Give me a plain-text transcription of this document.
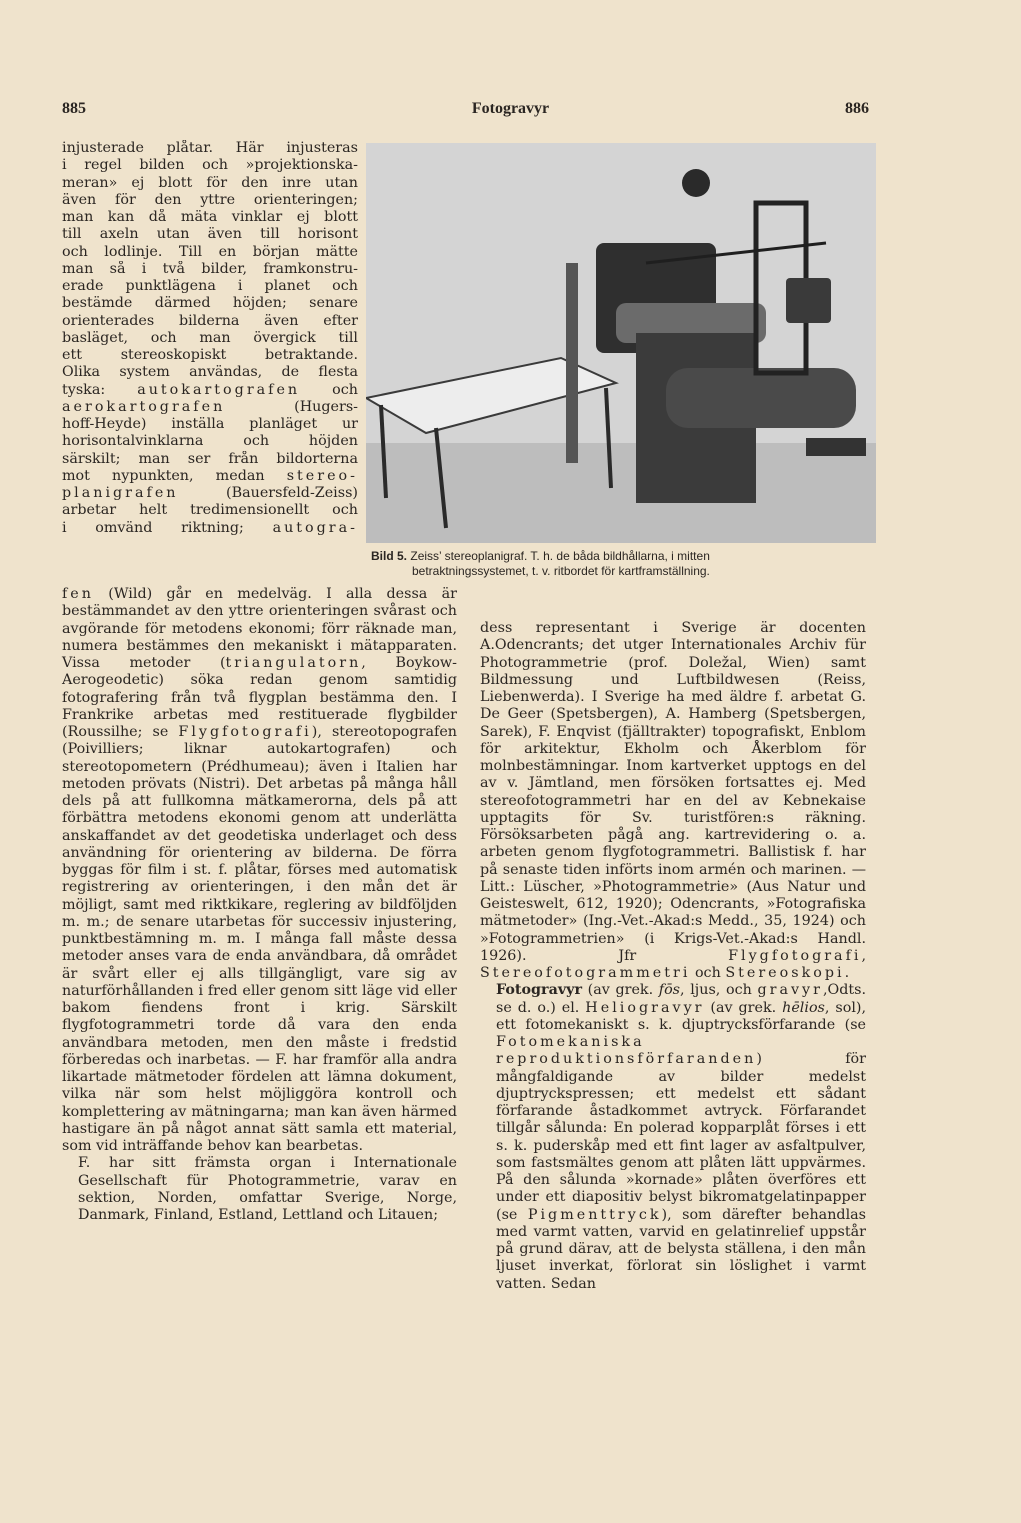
885	Fotogravyr	886
injusterade plåtar. Här injusteras
i regel bilden och »projektionska-
meran» ej blott för den inre utan
även för den yttre orienteringen;
man kan då mäta vinklar ej blott
till axeln utan även till horisont
och lodlinje. Till en början mätte
man så i två bilder, framkonstru-
erade punktlägena i planet och
bestämde därmed höjden; senare
orienterades bilderna även efter
basläget, och man övergick till
ett stereoskopiskt betraktande.
Olika system användas, de flesta
tyska: autokartografen och
aerokartografen (Hugers-
hoff-Heyde) inställa planläget ur
horisontalvinklarna och höjden
särskilt; man ser från bildorterna
mot nypunkten, medan stereo-
planigrafen (Bauersfeld-Zeiss)
arbetar helt tredimensionellt och
i omvänd riktning; autogra-
Bild 5. Zeiss’ stereoplanigraf. T. h. de båda bildhållarna, i mitten
betraktningssystemet, t. v. ritbordet för kartframställning.

fen (Wild) går en medelväg. I alla dessa är bestämmandet av den yttre orienteringen svårast och avgörande för metodens ekonomi; förr räknade man, numera bestämmes den mekaniskt i mätapparaten. Vissa metoder (triangulatorn, Boykow-Aerogeodetic) söka redan genom samtidig fotografering från två flygplan bestämma den. I Frankrike arbetas med restituerade flygbilder (Roussilhe; se Flygfotografi), stereotopografen (Poivilliers; liknar autokartografen) och stereotopometern (Prédhumeau); även i Italien har metoden prövats (Nistri). Det arbetas på många håll dels på att fullkomna mätkamerorna, dels på att förbättra metodens ekonomi genom att underlätta anskaffandet av det geodetiska underlaget och dess användning för orientering av bilderna. De förra byggas för film i st. f. plåtar, förses med automatisk registrering av orienteringen, i den mån det är möjligt, samt med riktkikare, reglering av bildföljden m. m.; de senare utarbetas för successiv injustering, punktbestämning m. m. I många fall måste dessa metoder anses vara de enda användbara, då området är svårt eller ej alls tillgängligt, vare sig av naturförhållanden i fred eller genom sitt läge vid eller bakom fiendens front i krig. Särskilt flygfotogrammetri torde då vara den enda användbara metoden, men den måste i fredstid förberedas och inarbetas. — F. har framför alla andra likartade mätmetoder fördelen att lämna dokument, vilka när som helst möjliggöra kontroll och komplettering av mätningarna; man kan även härmed hastigare än på något annat sätt samla ett material, som vid inträffande behov kan bearbetas.

F. har sitt främsta organ i Internationale Gesellschaft für Photogrammetrie, varav en sektion, Norden, omfattar Sverige, Norge, Danmark, Finland, Estland, Lettland och Litauen;

dess representant i Sverige är docenten A.Odencrants; det utger Internationales Archiv für Photogrammetrie (prof. Doležal, Wien) samt Bildmessung und Luftbildwesen (Reiss, Liebenwerda). I Sverige ha med äldre f. arbetat G. De Geer (Spetsbergen), A. Hamberg (Spetsbergen, Sarek), F. Enqvist (fjälltrakter) topografiskt, Enblom för arkitektur, Ekholm och Åkerblom för molnbestämningar. Inom kartverket upptogs en del av v. Jämtland, men försöken fortsattes ej. Med stereofotogrammetri har en del av Kebnekaise upptagits för Sv. turistfören:s räkning. Försöksarbeten pågå ang. kartrevidering o. a. arbeten genom flygfotogrammetri. Ballistisk f. har på senaste tiden införts inom armén och marinen. — Litt.: Lüscher, »Photogrammetrie» (Aus Natur und Geisteswelt, 612, 1920); Odencrants, »Fotografiska mätmetoder» (Ing.-Vet.-Akad:s Medd., 35, 1924) och »Fotogrammetrien» (i Krigs-Vet.-Akad:s Handl. 1926). Jfr Flygfotografi, Stereofotogrammetri och Stereoskopi.
Odts.

Fotogravyr (av grek. fōs, ljus, och gravyr, se d. o.) el. Heliogravyr (av grek. hēlios, sol), ett fotomekaniskt s. k. djuptrycksförfarande (se Fotomekaniska reproduktionsförfaranden) för mångfaldigande av bilder medelst djuptryckspressen; ett medelst ett sådant förfarande åstadkommet avtryck. Förfarandet tillgår sålunda: En polerad kopparplåt förses i ett s. k. puderskåp med ett fint lager av asfaltpulver, som fastsmältes genom att plåten lätt uppvärmes. På den sålunda »kornade» plåten överföres ett under ett diapositiv belyst bikromatgelatinpapper (se Pigmenttryck), som därefter behandlas med varmt vatten, varvid en gelatinrelief uppstår på grund därav, att de belysta ställena, i den mån ljuset inverkat, förlorat sin löslighet i varmt vatten. Sedan
